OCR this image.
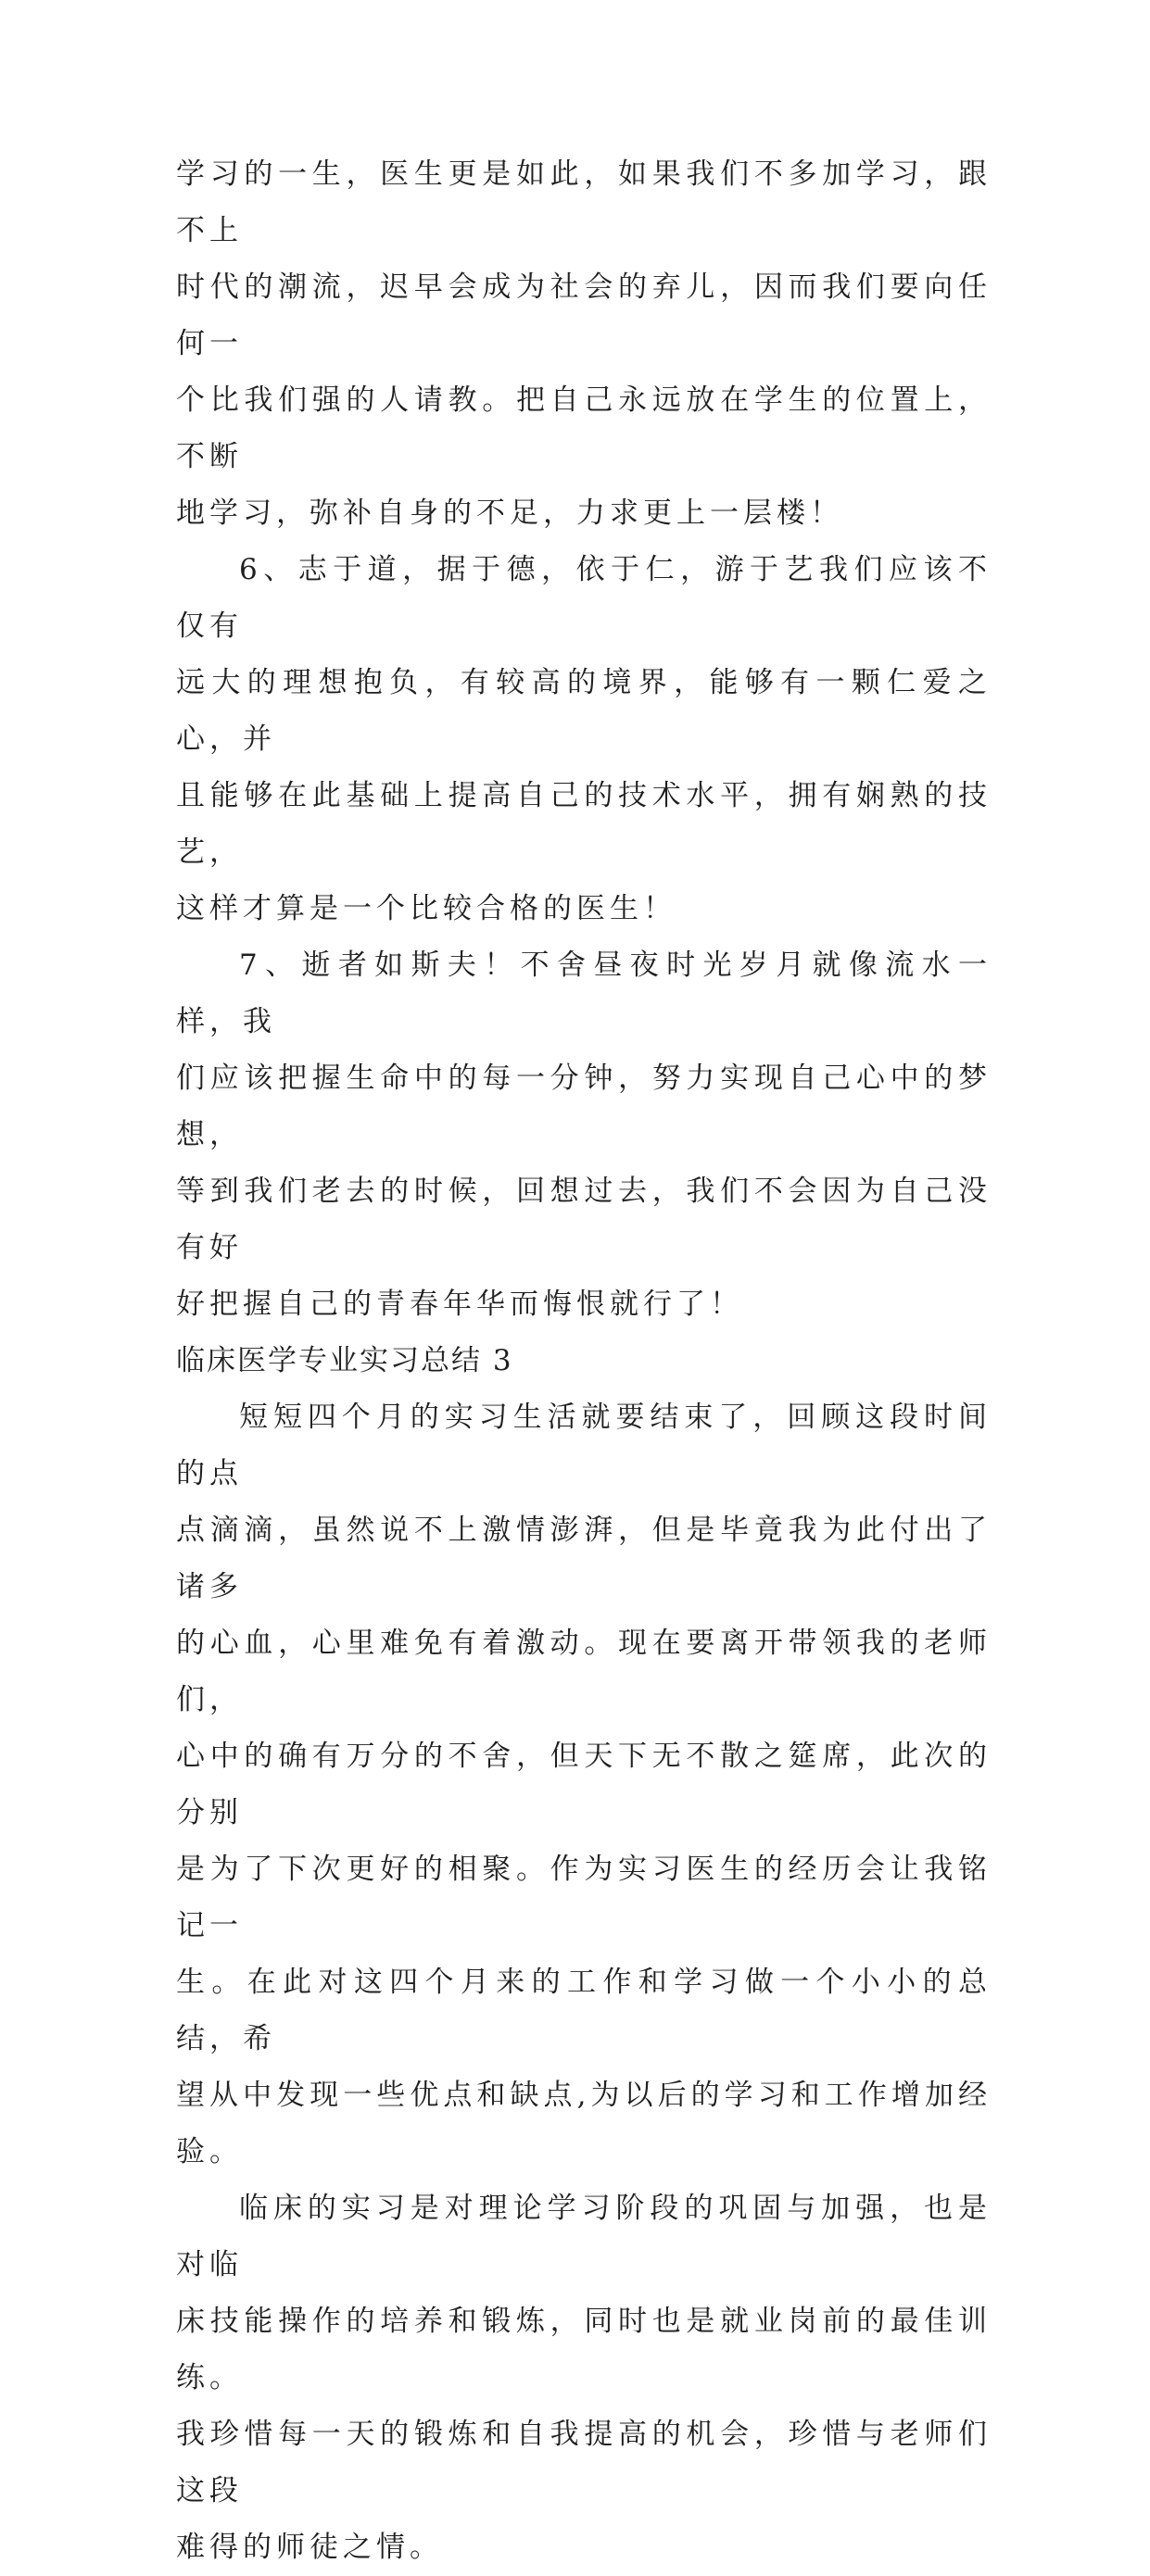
学习的一生，医生更是如此，如果我们不多加学习，跟不上
时代的潮流，迟早会成为社会的弃儿，因而我们要向任何一
个比我们强的人请教。把自己永远放在学生的位置上，不断
地学习，弥补自身的不足，力求更上一层楼！
6、志于道，据于德，依于仁，游于艺我们应该不仅有
远大的理想抱负，有较高的境界，能够有一颗仁爱之心，并
且能够在此基础上提高自己的技术水平，拥有娴熟的技艺，
这样才算是一个比较合格的医生！
7、逝者如斯夫！不舍昼夜时光岁月就像流水一样，我
们应该把握生命中的每一分钟，努力实现自己心中的梦想，
等到我们老去的时候，回想过去，我们不会因为自己没有好
好把握自己的青春年华而悔恨就行了！
临床医学专业实习总结 3
短短四个月的实习生活就要结束了，回顾这段时间的点
点滴滴，虽然说不上激情澎湃，但是毕竟我为此付出了诸多
的心血，心里难免有着激动。现在要离开带领我的老师们，
心中的确有万分的不舍，但天下无不散之筵席，此次的分别
是为了下次更好的相聚。作为实习医生的经历会让我铭记一
生。在此对这四个月来的工作和学习做一个小小的总结，希
望从中发现一些优点和缺点,为以后的学习和工作增加经验。
临床的实习是对理论学习阶段的巩固与加强，也是对临
床技能操作的培养和锻炼，同时也是就业岗前的最佳训练。
我珍惜每一天的锻炼和自我提高的机会，珍惜与老师们这段
难得的师徒之情。
